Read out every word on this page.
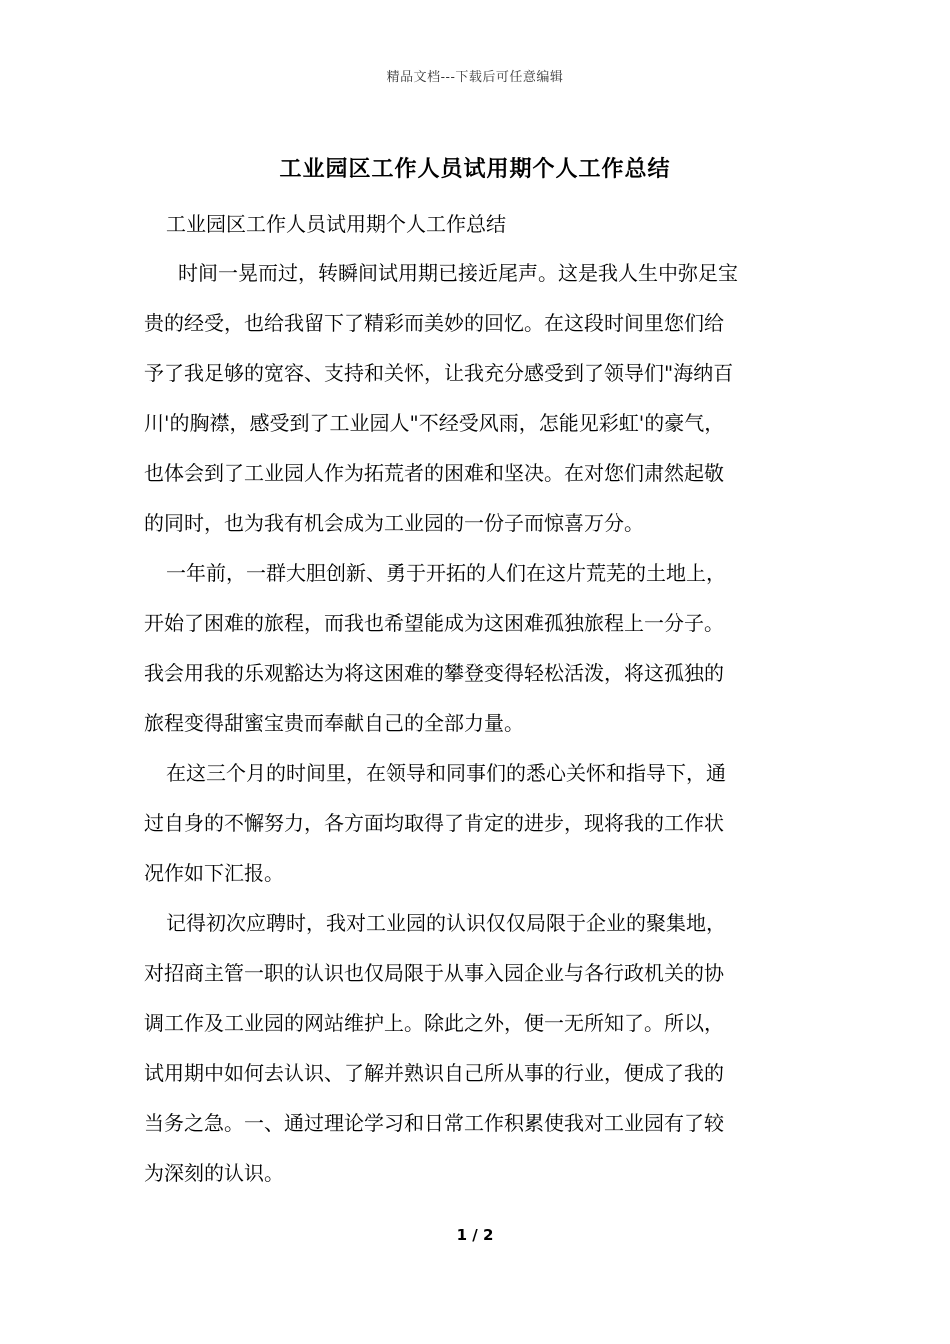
精品文档---下载后可任意编辑
工业园区工作人员试用期个人工作总结
工业园区工作人员试用期个人工作总结
时间一晃而过，转瞬间试用期已接近尾声。这是我人生中弥足宝
贵的经受，也给我留下了精彩而美妙的回忆。在这段时间里您们给
予了我足够的宽容、支持和关怀，让我充分感受到了领导们"海纳百
川'的胸襟，感受到了工业园人"不经受风雨，怎能见彩虹'的豪气，
也体会到了工业园人作为拓荒者的困难和坚决。在对您们肃然起敬
的同时，也为我有机会成为工业园的一份子而惊喜万分。
一年前，一群大胆创新、勇于开拓的人们在这片荒芜的土地上，
开始了困难的旅程，而我也希望能成为这困难孤独旅程上一分子。
我会用我的乐观豁达为将这困难的攀登变得轻松活泼，将这孤独的
旅程变得甜蜜宝贵而奉献自己的全部力量。
在这三个月的时间里，在领导和同事们的悉心关怀和指导下，通
过自身的不懈努力，各方面均取得了肯定的进步，现将我的工作状
况作如下汇报。
记得初次应聘时，我对工业园的认识仅仅局限于企业的聚集地，
对招商主管一职的认识也仅局限于从事入园企业与各行政机关的协
调工作及工业园的网站维护上。除此之外，便一无所知了。所以，
试用期中如何去认识、了解并熟识自己所从事的行业，便成了我的
当务之急。一、通过理论学习和日常工作积累使我对工业园有了较
为深刻的认识。
1 / 2
